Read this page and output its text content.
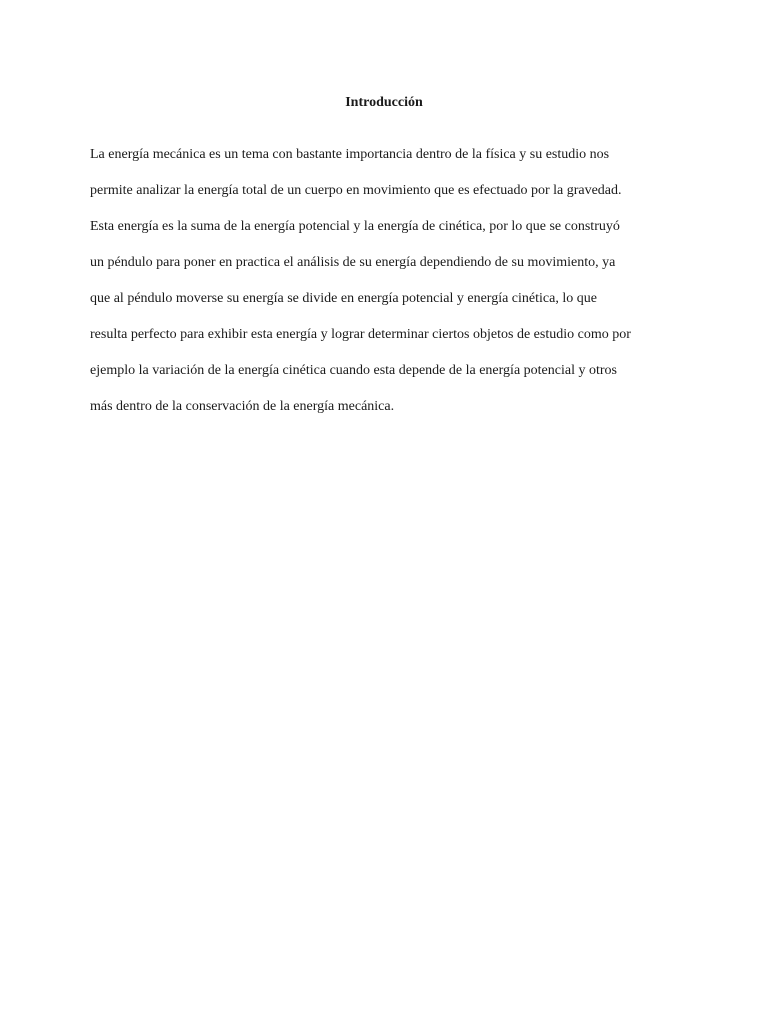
Introducción
La energía mecánica es un tema con bastante importancia dentro de la física y su estudio nos
permite analizar la energía total de un cuerpo en movimiento que es efectuado por la gravedad.
Esta energía es la suma de la energía potencial y la energía de cinética, por lo que se construyó
un péndulo para poner en practica el análisis de su energía dependiendo de su movimiento, ya
que al péndulo moverse su energía se divide en energía potencial y energía cinética, lo que
resulta perfecto para exhibir esta energía y lograr determinar ciertos objetos de estudio como por
ejemplo la variación de la energía cinética cuando esta depende de la energía potencial y otros
más dentro de la conservación de la energía mecánica.
